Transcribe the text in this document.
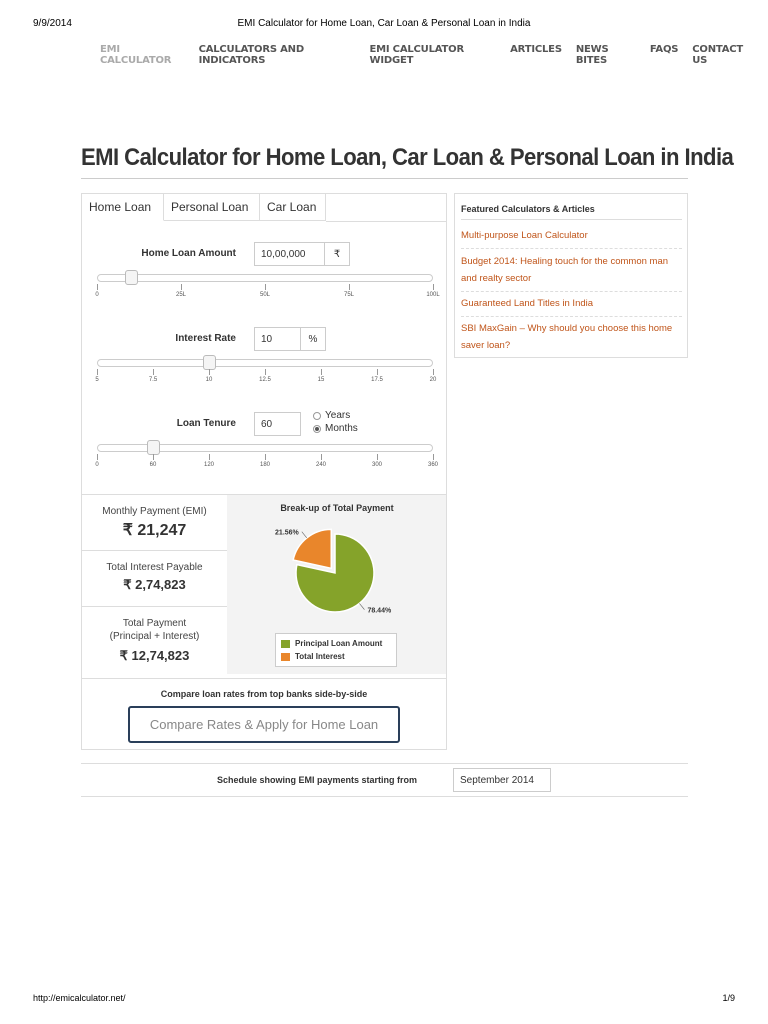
9/9/2014	EMI Calculator for Home Loan, Car Loan & Personal Loan in India
EMI CALCULATOR
CALCULATORS AND INDICATORS
EMI CALCULATOR WIDGET
ARTICLES NEWS BITES
FAQS CONTACT US
EMI Calculator for Home Loan, Car Loan & Personal Loan in India
Home Loan	Personal Loan	Car Loan
Home Loan Amount	10,00,000	₹
Interest Rate	10	%
Loan Tenure	60
Years
Months
Monthly Payment (EMI)
₹ 21,247
Total Interest Payable
₹ 2,74,823
Total Payment
(Principal + Interest)
₹ 12,74,823
Break-up of Total Payment
78.44%
21.56%
Principal Loan Amount
Total Interest
Compare loan rates from top banks side-by-side
Compare Rates & Apply for Home Loan
0	25L	50L	75L	100L
5	7.5	10	12.5	15	17.5	20
0	60	120	180	240	300	360
Featured Calculators & Articles
Multi-purpose Loan Calculator
Budget 2014: Healing touch for the common man and realty sector
Guaranteed Land Titles in India
SBI MaxGain – Why should you choose this home saver loan?
Schedule showing EMI payments starting from	September 2014
http://emicalculator.net/	1/9
